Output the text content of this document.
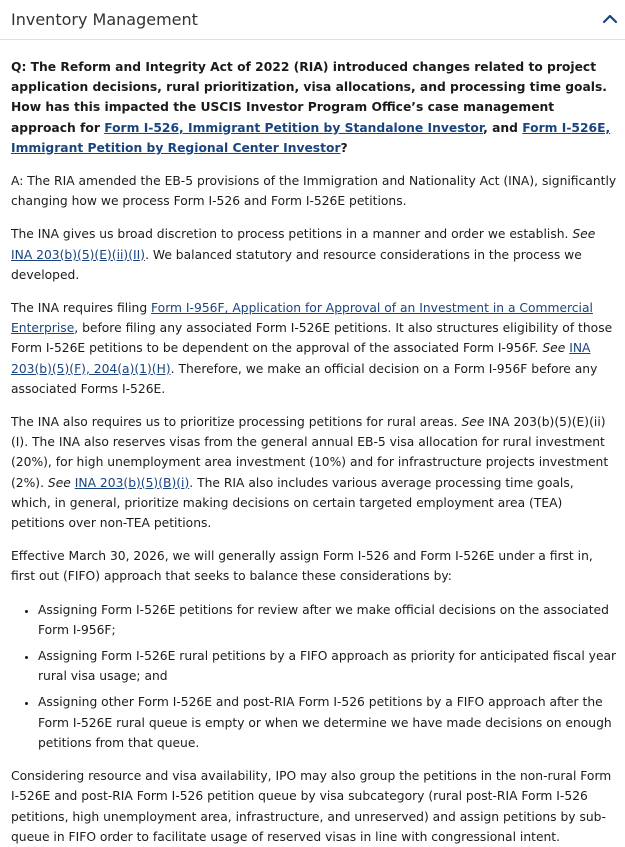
Inventory Management

Q: The Reform and Integrity Act of 2022 (RIA) introduced changes related to project application decisions, rural prioritization, visa allocations, and processing time goals. How has this impacted the USCIS Investor Program Office’s case management approach for Form I-526, Immigrant Petition by Standalone Investor, and Form I-526E, Immigrant Petition by Regional Center Investor?

A: The RIA amended the EB-5 provisions of the Immigration and Nationality Act (INA), significantly changing how we process Form I-526 and Form I-526E petitions.

The INA gives us broad discretion to process petitions in a manner and order we establish. See INA 203(b)(5)(E)(ii)(II). We balanced statutory and resource considerations in the process we developed.

The INA requires filing Form I-956F, Application for Approval of an Investment in a Commercial Enterprise, before filing any associated Form I-526E petitions. It also structures eligibility of those Form I-526E petitions to be dependent on the approval of the associated Form I-956F. See INA 203(b)(5)(F), 204(a)(1)(H). Therefore, we make an official decision on a Form I-956F before any associated Forms I-526E.

The INA also requires us to prioritize processing petitions for rural areas. See INA 203(b)(5)(E)(ii)(I). The INA also reserves visas from the general annual EB-5 visa allocation for rural investment (20%), for high unemployment area investment (10%) and for infrastructure projects investment (2%). See INA 203(b)(5)(B)(i). The RIA also includes various average processing time goals, which, in general, prioritize making decisions on certain targeted employment area (TEA) petitions over non-TEA petitions.

Effective March 30, 2026, we will generally assign Form I-526 and Form I-526E under a first in, first out (FIFO) approach that seeks to balance these considerations by:

• Assigning Form I-526E petitions for review after we make official decisions on the associated Form I-956F;
• Assigning Form I-526E rural petitions by a FIFO approach as priority for anticipated fiscal year rural visa usage; and
• Assigning other Form I-526E and post-RIA Form I-526 petitions by a FIFO approach after the Form I-526E rural queue is empty or when we determine we have made decisions on enough petitions from that queue.

Considering resource and visa availability, IPO may also group the petitions in the non-rural Form I-526E and post-RIA Form I-526 petition queue by visa subcategory (rural post-RIA Form I-526 petitions, high unemployment area, infrastructure, and unreserved) and assign petitions by sub-queue in FIFO order to facilitate usage of reserved visas in line with congressional intent.
